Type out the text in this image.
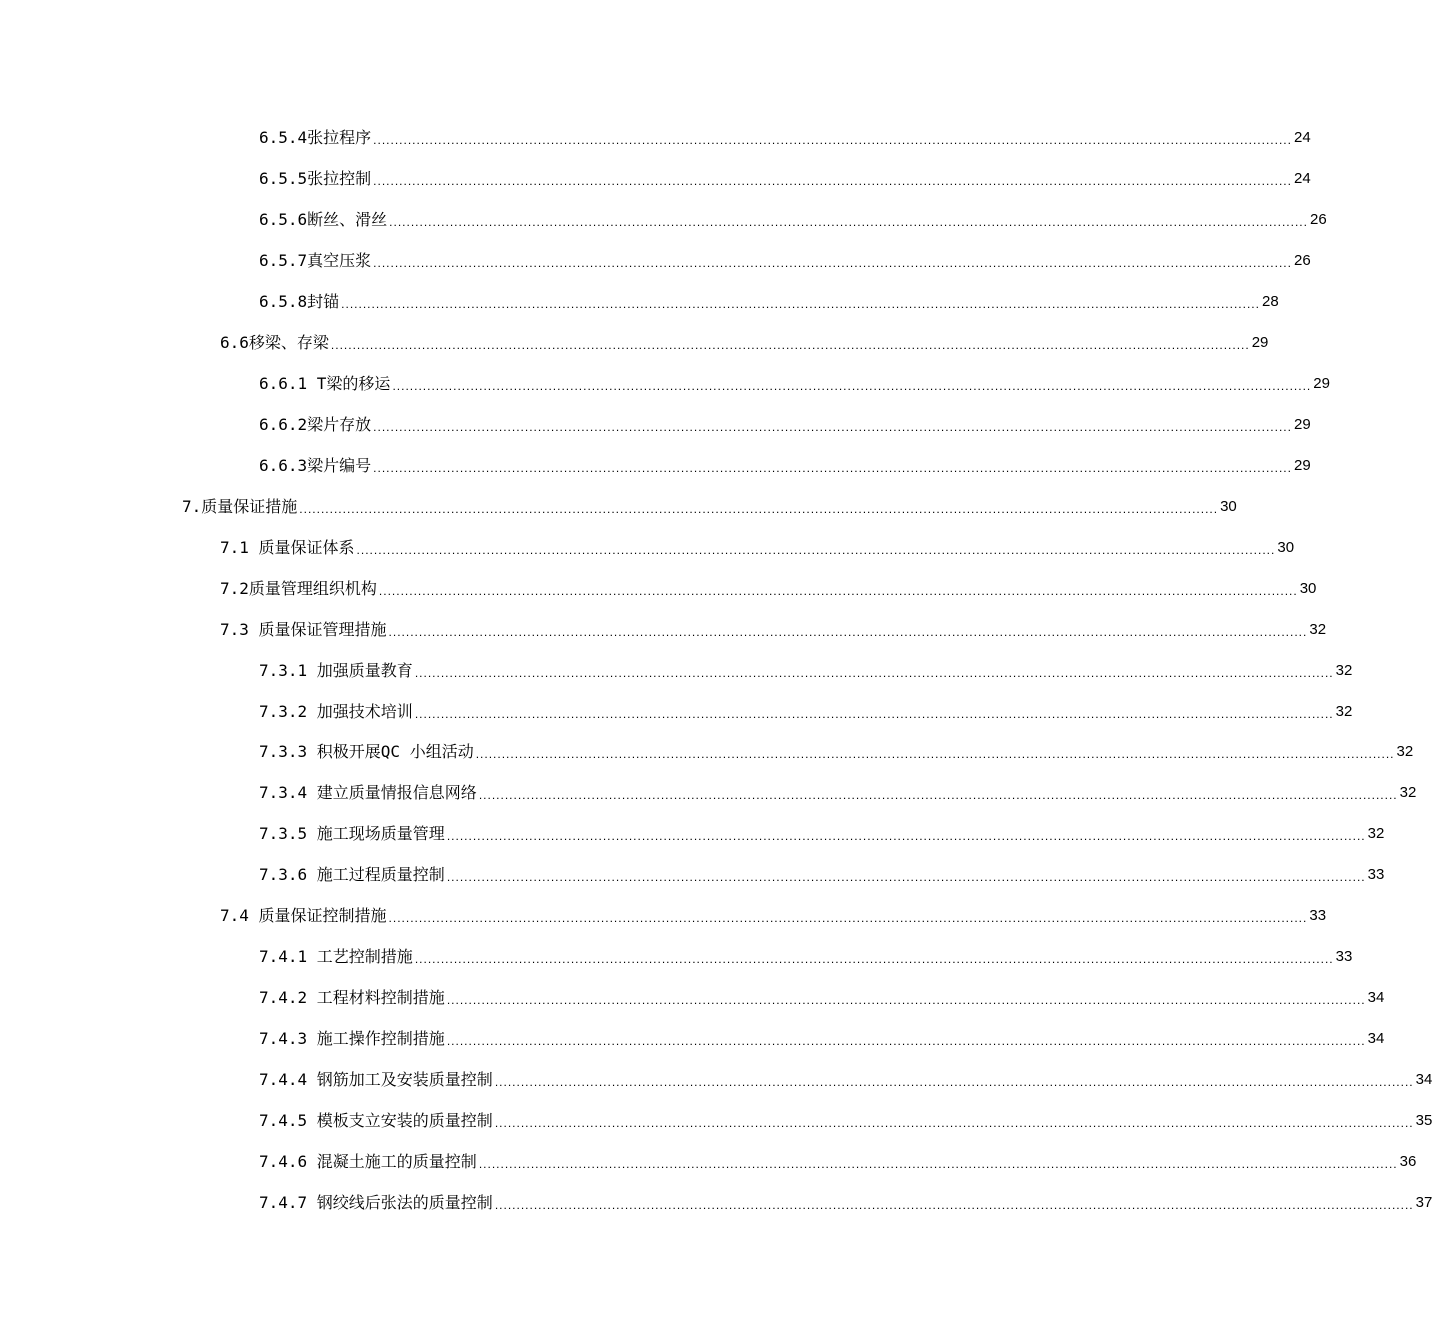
6.5.4张拉程序 .................................................................................................................................................................................................................... 24
6.5.5张拉控制 .................................................................................................................................................................................................................... 24
6.5.6断丝、滑丝 .................................................................................................................................................................................................................... 26
6.5.7真空压浆 .................................................................................................................................................................................................................... 26
6.5.8封锚 .................................................................................................................................................................................................................... 28
6.6移梁、存梁 .................................................................................................................................................................................................................... 29
6.6.1 T梁的移运 .................................................................................................................................................................................................................... 29
6.6.2梁片存放 .................................................................................................................................................................................................................... 29
6.6.3梁片编号 .................................................................................................................................................................................................................... 29
7.质量保证措施 .................................................................................................................................................................................................................... 30
7.1 质量保证体系 .................................................................................................................................................................................................................... 30
7.2质量管理组织机构 .................................................................................................................................................................................................................... 30
7.3 质量保证管理措施 .................................................................................................................................................................................................................... 32
7.3.1 加强质量教育 .................................................................................................................................................................................................................... 32
7.3.2 加强技术培训 .................................................................................................................................................................................................................... 32
7.3.3 积极开展QC 小组活动 .................................................................................................................................................................................................................... 32
7.3.4 建立质量情报信息网络 .................................................................................................................................................................................................................... 32
7.3.5 施工现场质量管理 .................................................................................................................................................................................................................... 32
7.3.6 施工过程质量控制 .................................................................................................................................................................................................................... 33
7.4 质量保证控制措施 .................................................................................................................................................................................................................... 33
7.4.1 工艺控制措施 .................................................................................................................................................................................................................... 33
7.4.2 工程材料控制措施 .................................................................................................................................................................................................................... 34
7.4.3 施工操作控制措施 .................................................................................................................................................................................................................... 34
7.4.4 钢筋加工及安装质量控制 .................................................................................................................................................................................................................... 34
7.4.5 模板支立安装的质量控制 .................................................................................................................................................................................................................... 35
7.4.6 混凝土施工的质量控制 .................................................................................................................................................................................................................... 36
7.4.7 钢绞线后张法的质量控制 .................................................................................................................................................................................................................... 37
